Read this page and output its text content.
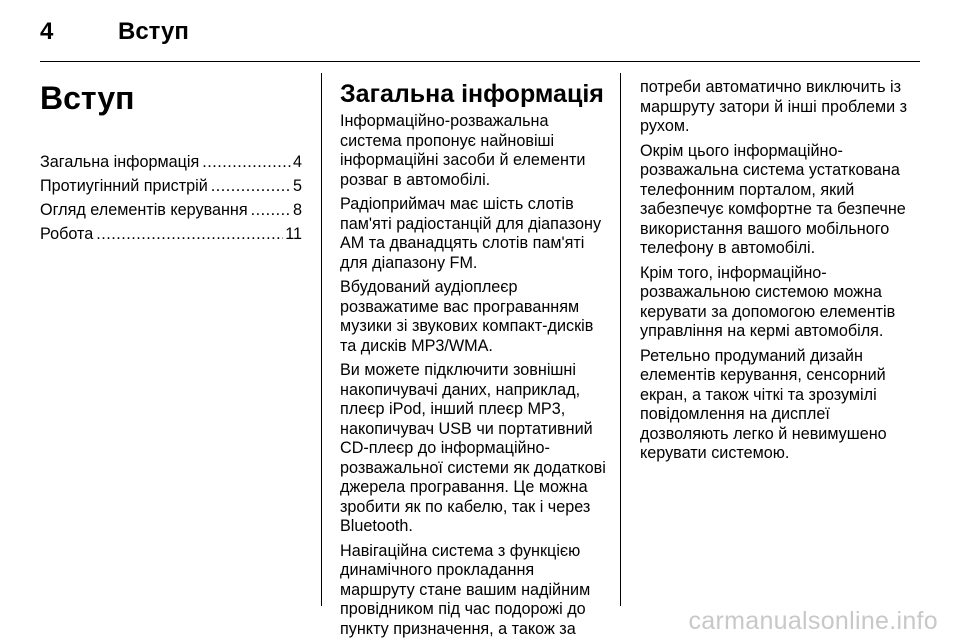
4	Вступ
Вступ
Загальна інформація .....	4
Протиугінний пристрій .....	5
Огляд елементів керування .....	8
Робота .....	11
Загальна інформація

Інформаційно-розважальна
система пропонує найновіші
інформаційні засоби й елементи
розваг в автомобілі.

Радіоприймач має шість слотів
пам'яті радіостанцій для діапазону
AM та дванадцять слотів пам'яті
для діапазону FM.

Вбудований аудіоплеєр
розважатиме вас програванням
музики зі звукових компакт-дисків
та дисків MP3/WMA.

Ви можете підключити зовнішні
накопичувачі даних, наприклад,
плеєр iPod, інший плеєр MP3,
накопичувач USB чи портативний
CD-плеєр до інформаційно-
розважальної системи як додаткові
джерела програвання. Це можна
зробити як по кабелю, так і через
Bluetooth.

Навігаційна система з функцією
динамічного прокладання
маршруту стане вашим надійним
провідником під час подорожі до
пункту призначення, а також за

потреби автоматично виключить із
маршруту затори й інші проблеми з
рухом.

Окрім цього інформаційно-
розважальна система устаткована
телефонним порталом, який
забезпечує комфортне та безпечне
використання вашого мобільного
телефону в автомобілі.

Крім того, інформаційно-
розважальною системою можна
керувати за допомогою елементів
управління на кермі автомобіля.

Ретельно продуманий дизайн
елементів керування, сенсорний
екран, а також чіткі та зрозумілі
повідомлення на дисплеї
дозволяють легко й невимушено
керувати системою.

carmanualsonline.info
